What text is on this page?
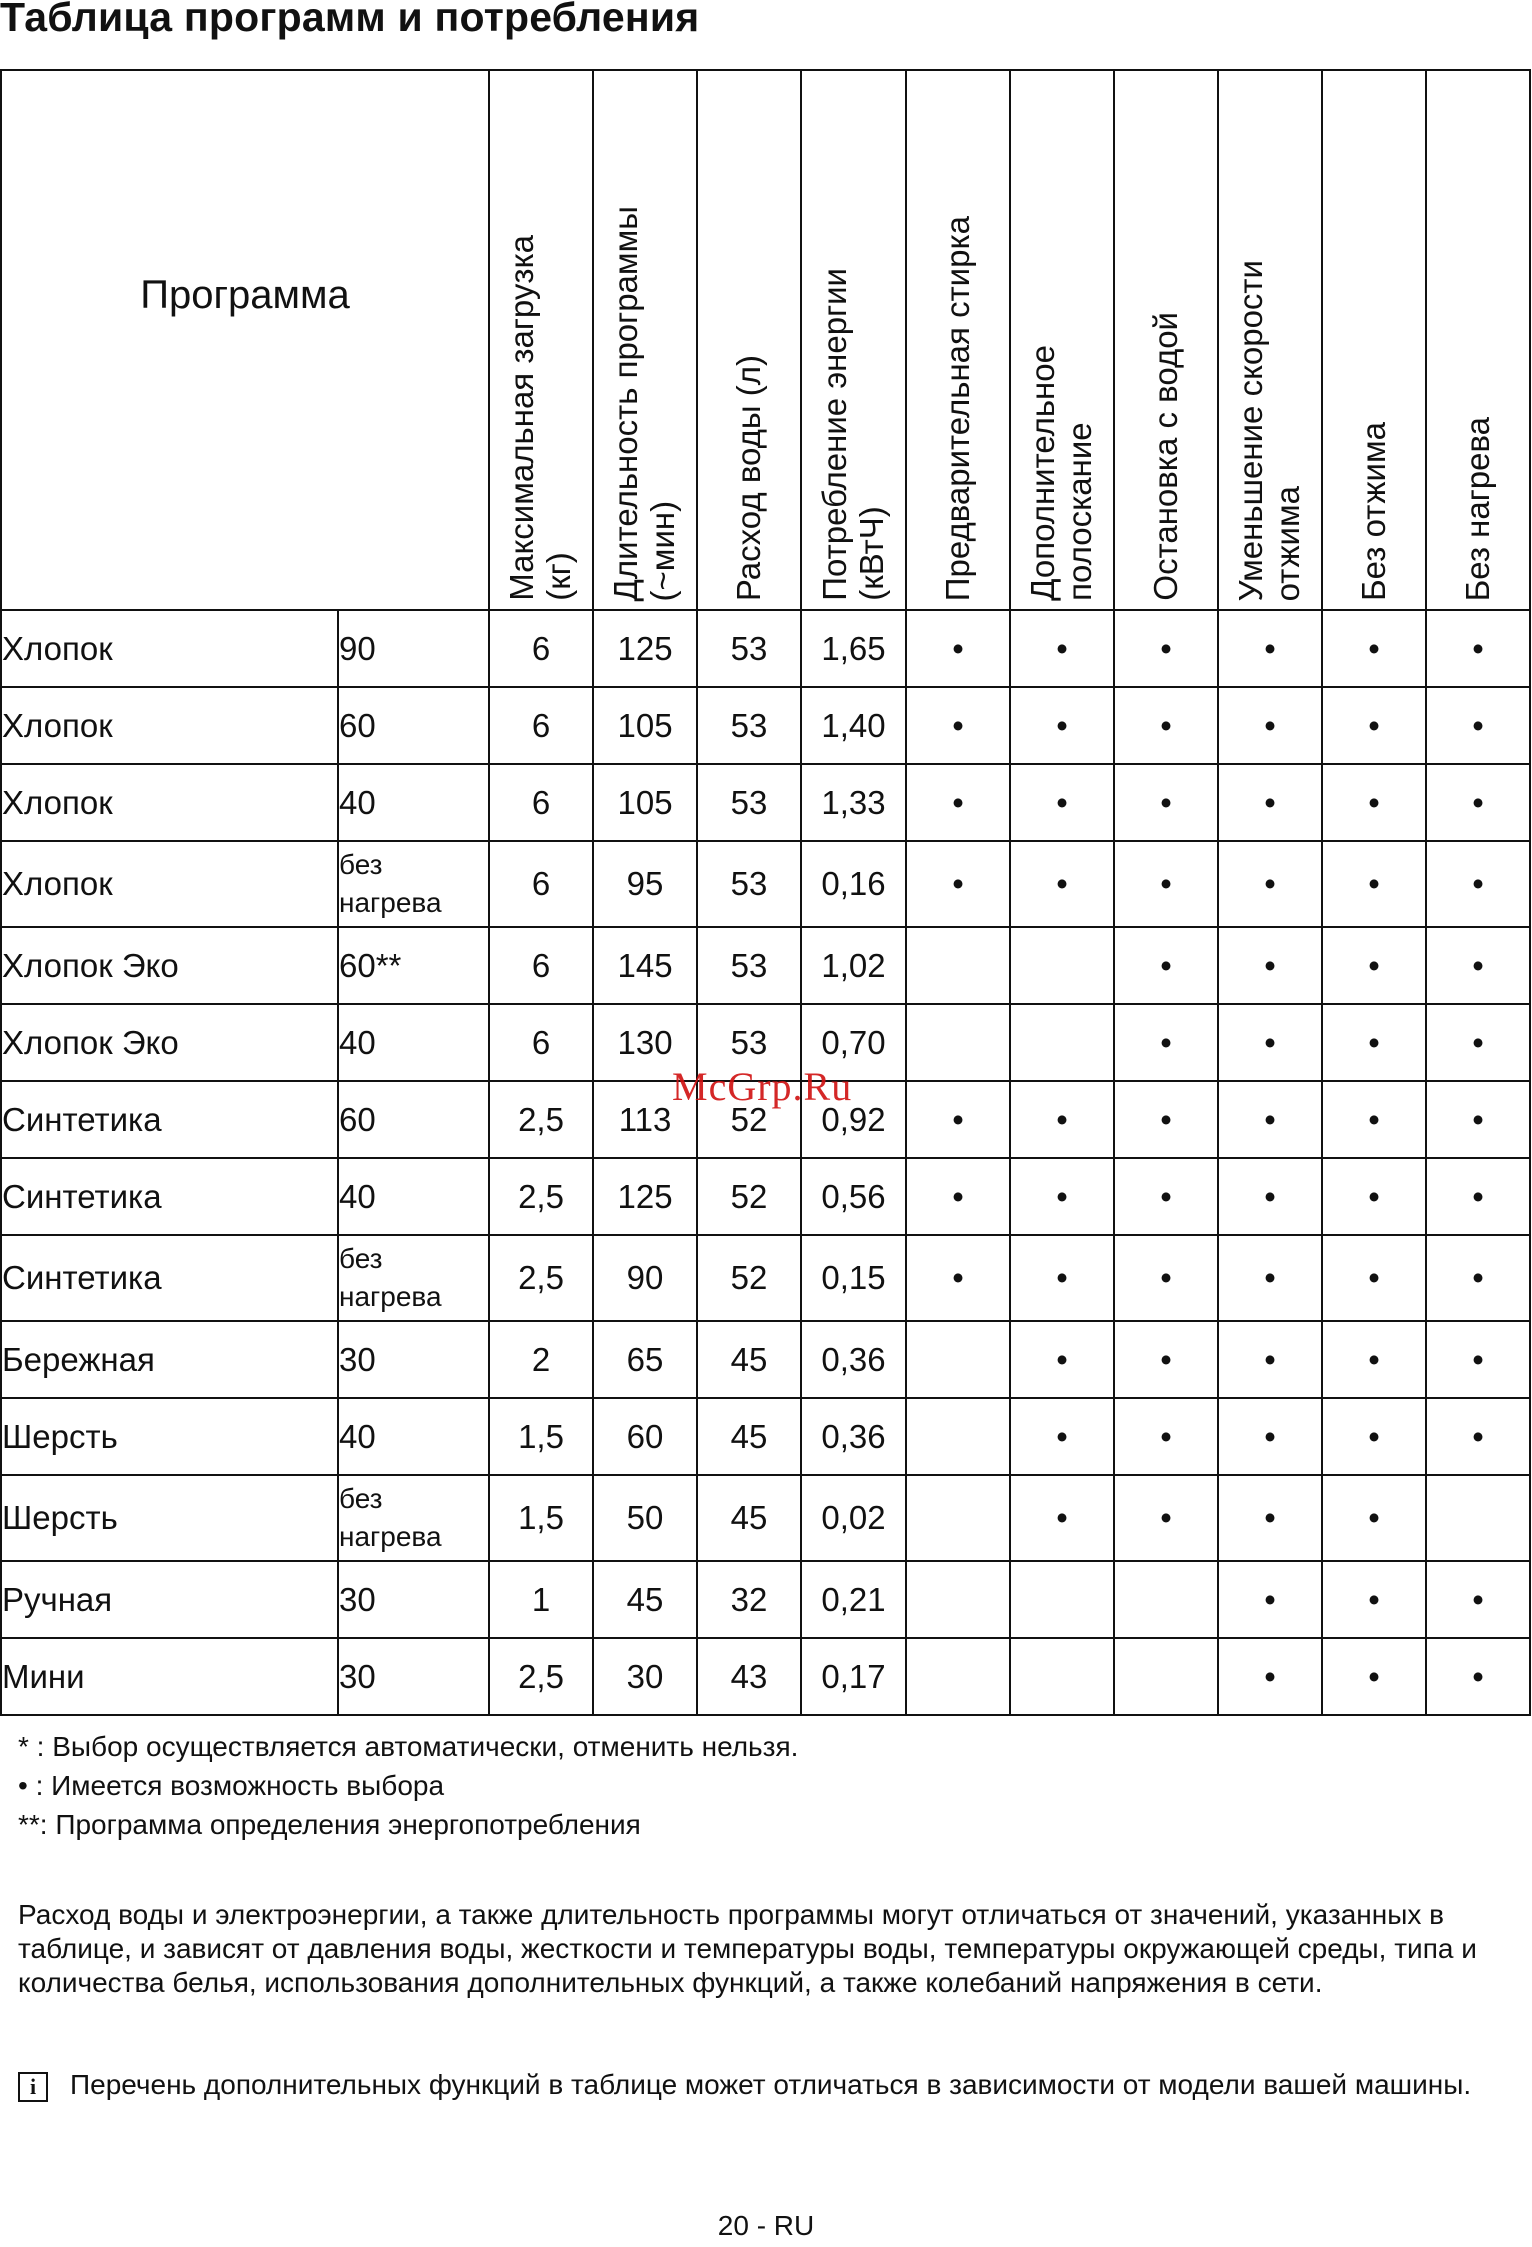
Таблица программ и потребления
Программа		Максимальная загрузка
(кг)	Длительность программы
(~мин)	Расход воды (л)	Потребление энергии
(кВтЧ)	Предварительная стирка	Дополнительное
полоскание	Остановка с водой	Уменьшение скорости
отжима	Без отжима	Без нагрева

Хлопок	90	6	125	53	1,65	•	•	•	•	•	•
Хлопок	60	6	105	53	1,40	•	•	•	•	•	•
Хлопок	40	6	105	53	1,33	•	•	•	•	•	•
Хлопок	без нагрева	6	95	53	0,16	•	•	•	•	•	•
Хлопок Эко	60**	6	145	53	1,02			•	•	•	•
Хлопок Эко	40	6	130	53	0,70			•	•	•	•
Синтетика	60	2,5	113	52	0,92	•	•	•	•	•	•
Синтетика	40	2,5	125	52	0,56	•	•	•	•	•	•
Синтетика	без нагрева	2,5	90	52	0,15	•	•	•	•	•	•
Бережная	30	2	65	45	0,36		•	•	•	•	•
Шерсть	40	1,5	60	45	0,36		•	•	•	•	•
Шерсть	без нагрева	1,5	50	45	0,02		•	•	•	•	
Ручная	30	1	45	32	0,21				•	•	•
Мини	30	2,5	30	43	0,17				•	•	•
McGrp.Ru
* : Выбор осуществляется автоматически, отменить нельзя.
• : Имеется возможность выбора
**: Программа определения энергопотребления
Расход воды и электроэнергии, а также длительность программы могут отличаться от значений, указанных в таблице, и зависят от давления воды, жесткости и температуры воды, температуры окружающей среды, типа и количества белья, использования дополнительных функций, а также колебаний напряжения в сети.
i	Перечень дополнительных функций в таблице может отличаться в зависимости от модели вашей машины.
20 - RU
